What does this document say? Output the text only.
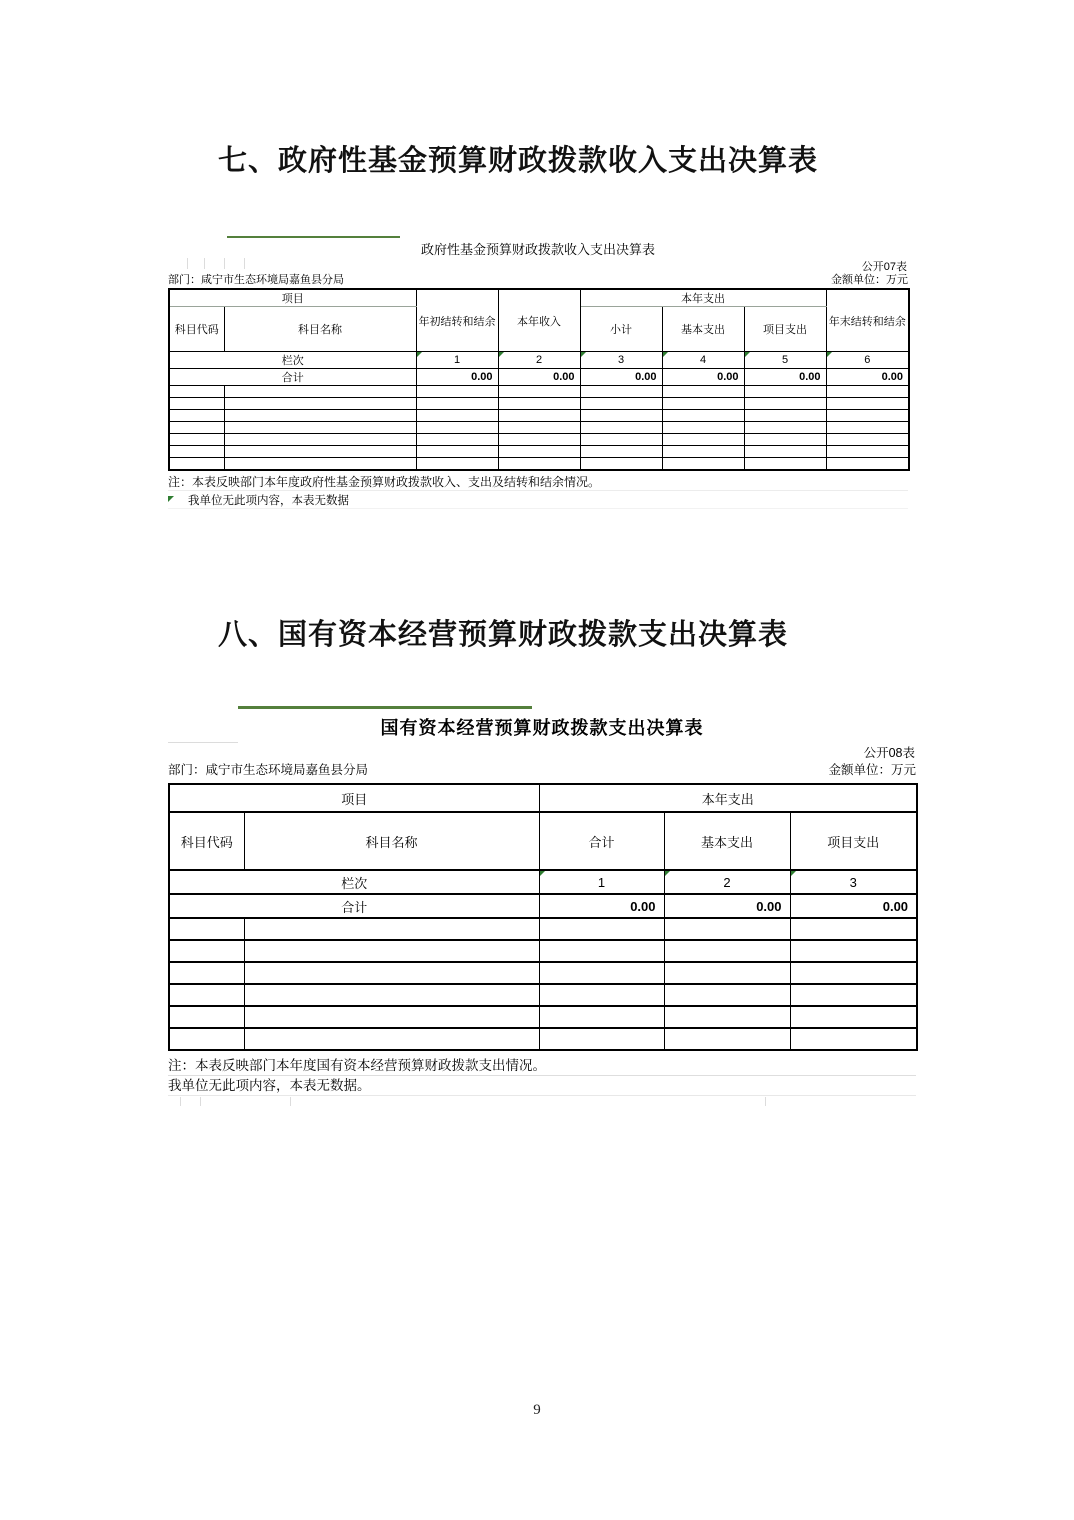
七、政府性基金预算财政拨款收入支出决算表
政府性基金预算财政拨款收入支出决算表
公开07表
部门：咸宁市生态环境局嘉鱼县分局	金额单位：万元
项目		年初结转和结余	本年收入	本年支出			年末结转和结余
科目代码	科目名称			小计	基本支出	项目支出	
栏次		1	2	3	4	5	6
合计		0.00	0.00	0.00	0.00	0.00	0.00

注：本表反映部门本年度政府性基金预算财政拨款收入、支出及结转和结余情况。
我单位无此项内容，本表无数据
八、国有资本经营预算财政拨款支出决算表
国有资本经营预算财政拨款支出决算表
公开08表
部门：咸宁市生态环境局嘉鱼县分局	金额单位：万元
项目		本年支出		
科目代码	科目名称	合计	基本支出	项目支出
栏次		1	2	3
合计		0.00	0.00	0.00

注：本表反映部门本年度国有资本经营预算财政拨款支出情况。
我单位无此项内容，本表无数据。
9
